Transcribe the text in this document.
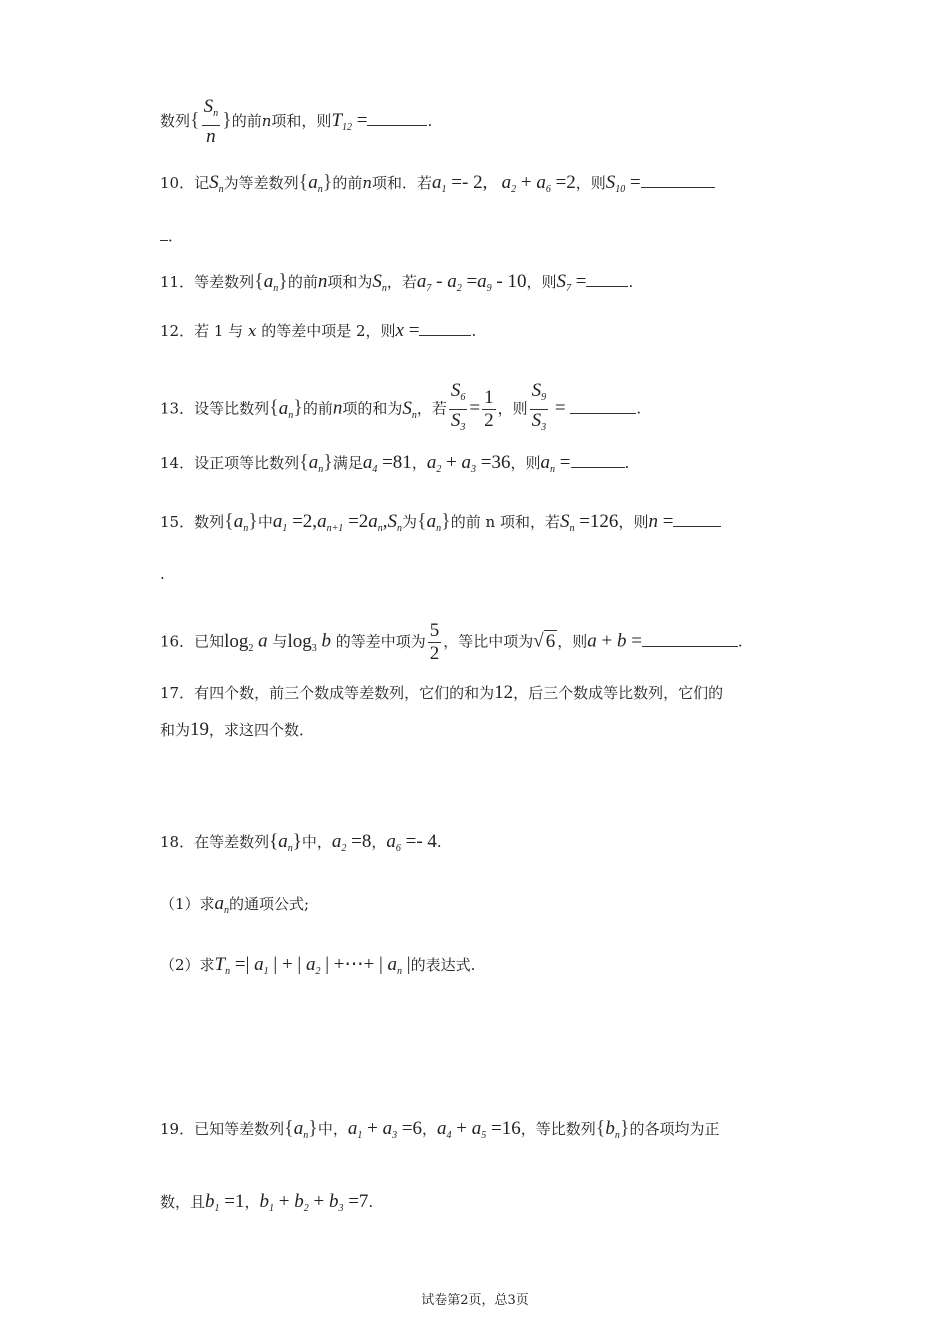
数列{ $\frac{S_n}{n}$ }的前n项和，则$T_{12}$ =	.
10．记$S_n$为等差数列$\{a_n\}$的前n项和．若$a_1 =- 2$,   $a_2 + a_6 =2$，则$S_{10}$ =
．
11．等差数列$\{a_n\}$的前n项和为$S_n$，若$a_7 - a_2 =a_9 - 10$，则$S_7$ =	.
12．若 1 与 x 的等差中项是 2，则x =	.
13．设等比数列$\{a_n\}$的前n项的和为$S_n$，若 $\frac{S_6}{S_3} = \frac{1}{2}$ ，则 $\frac{S_9}{S_3}$ =	.
14．设正项等比数列$\{a_n\}$满足$a_4 =81$，$a_2 + a_3 =36$，则$a_n$ =	.
15．数列$\{a_n\}$中$a_1 =2,a_{n+1} =2a_n,S_n$为$\{a_n\}$的前 n 项和，若$S_n =126$，则n =
.
16．已知$\log_2 a$ 与$\log_3 b$ 的等差中项为 $\frac{5}{2}$ ，等比中项为√ 6 ，则a + b =	.
17．有四个数，前三个数成等差数列，它们的和为12，后三个数成等比数列，它们的
和为19，求这四个数．
18．在等差数列$\{a_n\}$中，$a_2 =8$，$a_6 =- 4$.
（1）求$a_n$的通项公式;
（2）求$T_n$ =| $a_1$ | + | $a_2$ | +⋯+ | $a_n$ |的表达式.
19．已知等差数列$\{a_n\}$中，$a_1 + a_3 =6$，$a_4 + a_5 =16$，等比数列$\{b_n\}$的各项均为正
数，且$b_1 =1$，$b_1 + b_2 + b_3 =7$.
试卷第2页，总3页
